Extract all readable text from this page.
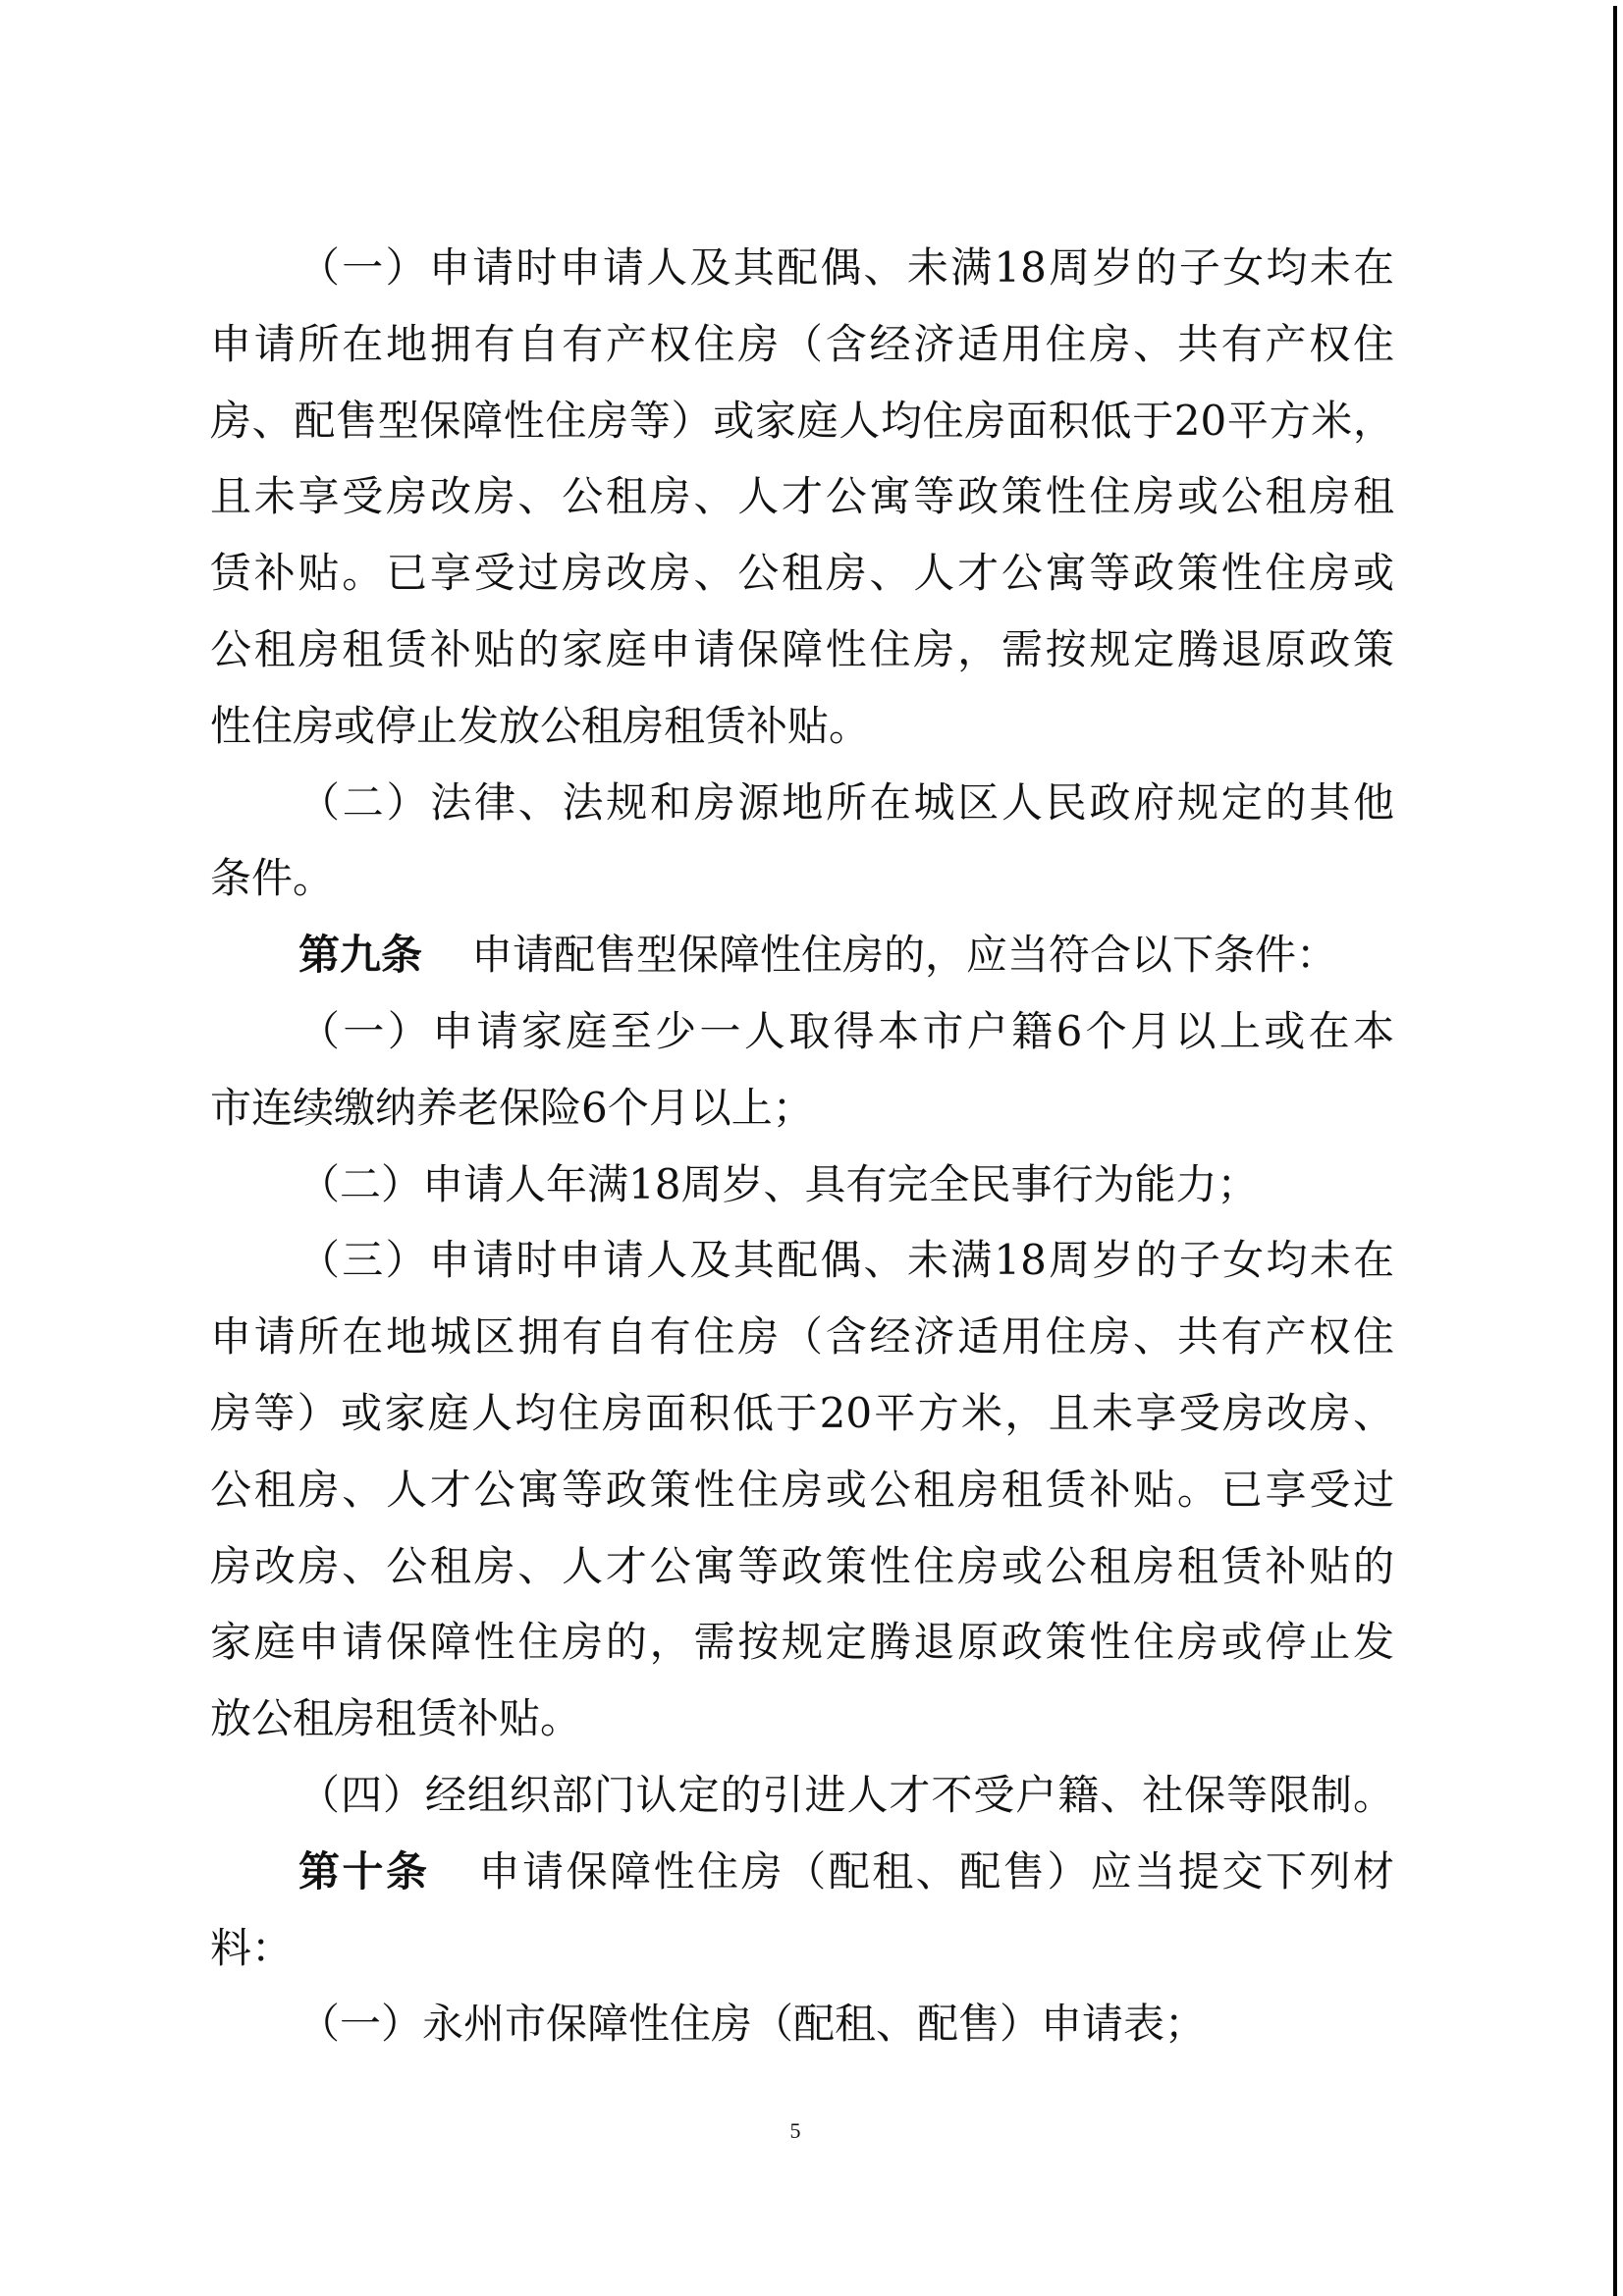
（一）申请时申请人及其配偶、未满18周岁的子女均未在
申请所在地拥有自有产权住房（含经济适用住房、共有产权住
房、配售型保障性住房等）或家庭人均住房面积低于20平方米，
且未享受房改房、公租房、人才公寓等政策性住房或公租房租
赁补贴。已享受过房改房、公租房、人才公寓等政策性住房或
公租房租赁补贴的家庭申请保障性住房，需按规定腾退原政策
性住房或停止发放公租房租赁补贴。
（二）法律、法规和房源地所在城区人民政府规定的其他
条件。
第九条 申请配售型保障性住房的，应当符合以下条件：
（一）申请家庭至少一人取得本市户籍6个月以上或在本
市连续缴纳养老保险6个月以上；
（二）申请人年满18周岁、具有完全民事行为能力；
（三）申请时申请人及其配偶、未满18周岁的子女均未在
申请所在地城区拥有自有住房（含经济适用住房、共有产权住
房等）或家庭人均住房面积低于20平方米，且未享受房改房、
公租房、人才公寓等政策性住房或公租房租赁补贴。已享受过
房改房、公租房、人才公寓等政策性住房或公租房租赁补贴的
家庭申请保障性住房的，需按规定腾退原政策性住房或停止发
放公租房租赁补贴。
（四）经组织部门认定的引进人才不受户籍、社保等限制。
第十条 申请保障性住房（配租、配售）应当提交下列材
料：
（一）永州市保障性住房（配租、配售）申请表；
5
